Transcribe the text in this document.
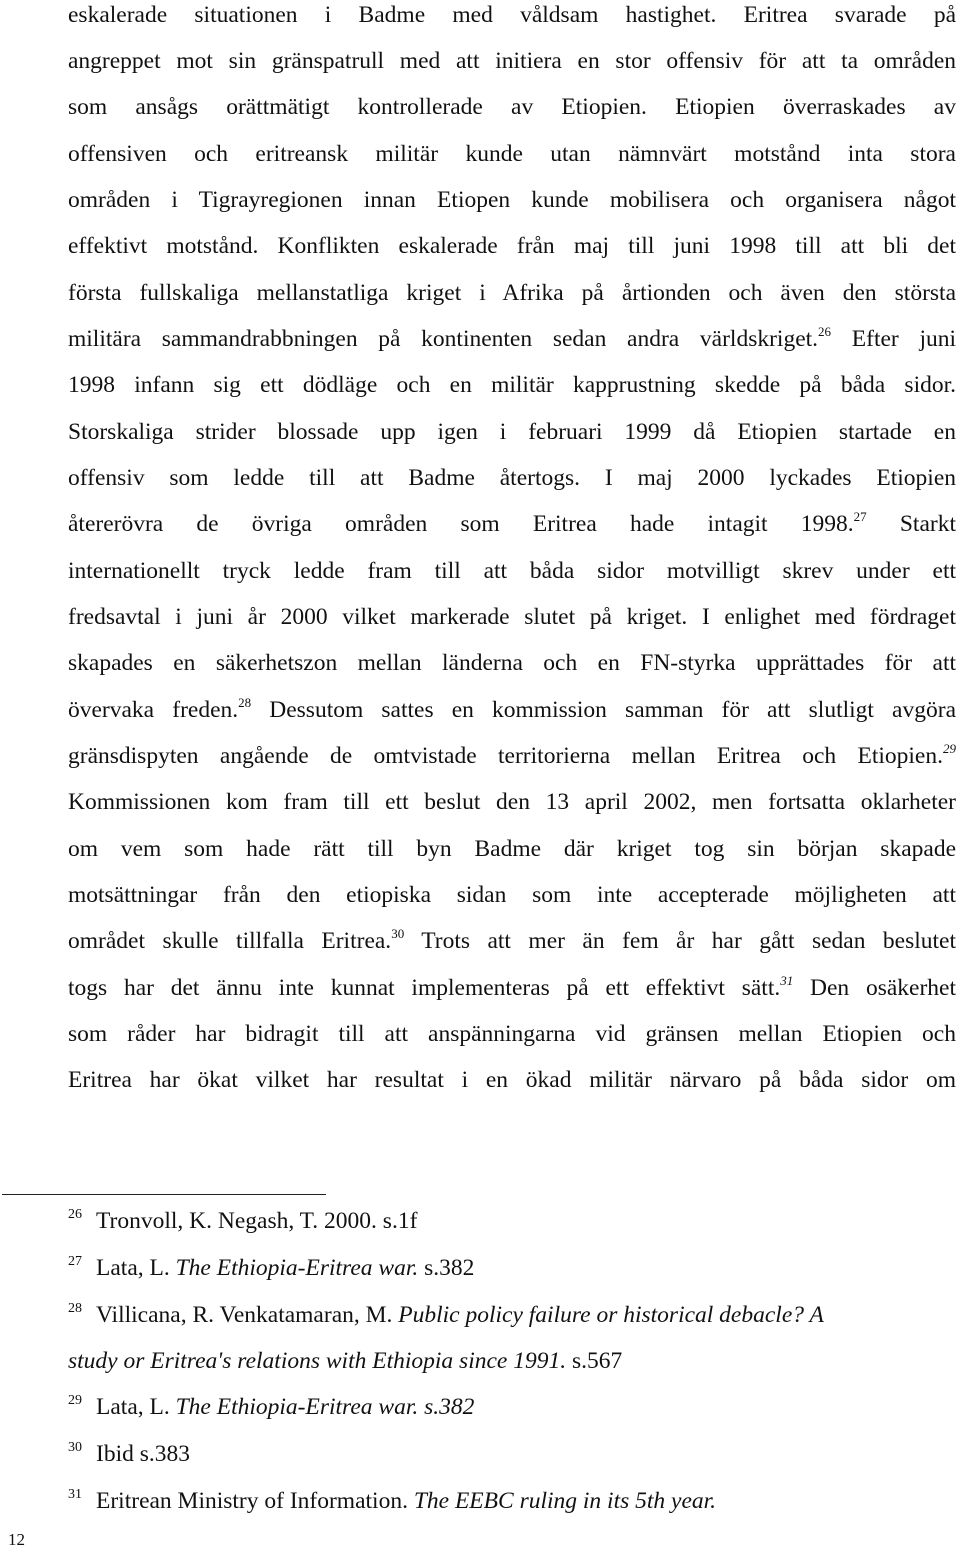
eskalerade situationen i Badme med våldsam hastighet. Eritrea svarade på
angreppet mot sin gränspatrull med att initiera en stor offensiv för att ta områden
som ansågs orättmätigt kontrollerade av Etiopien. Etiopien överraskades av
offensiven och eritreansk militär kunde utan nämnvärt motstånd inta stora
områden i Tigrayregionen innan Etiopen kunde mobilisera och organisera något
effektivt motstånd. Konflikten eskalerade från maj till juni 1998 till att bli det
första fullskaliga mellanstatliga kriget i Afrika på årtionden och även den största
militära sammandrabbningen på kontinenten sedan andra världskriget.$^{26}$ Efter juni
1998 infann sig ett dödläge och en militär kapprustning skedde på båda sidor.
Storskaliga strider blossade upp igen i februari 1999 då Etiopien startade en
offensiv som ledde till att Badme återtogs. I maj 2000 lyckades Etiopien
återerövra de övriga områden som Eritrea hade intagit 1998.27 Starkt
internationellt tryck ledde fram till att båda sidor motvilligt skrev under ett
fredsavtal i juni år 2000 vilket markerade slutet på kriget. I enlighet med fördraget
skapades en säkerhetszon mellan länderna och en FN-styrka upprättades för att
övervaka freden.$^{28}$ Dessutom sattes en kommission samman för att slutligt avgöra
gränsdispyten angående de omtvistade territorierna mellan Eritrea och Etiopien.$^{29}$
Kommissionen kom fram till ett beslut den 13 april 2002, men fortsatta oklarheter
om vem som hade rätt till byn Badme där kriget tog sin början skapade
motsättningar från den etiopiska sidan som inte accepterade möjligheten att
området skulle tillfalla Eritrea.$^{30}$ Trots att mer än fem år har gått sedan beslutet
togs har det ännu inte kunnat implementeras på ett effektivt sätt.$^{31}$ Den osäkerhet
som råder har bidragit till att anspänningarna vid gränsen mellan Etiopien och
Eritrea har ökat vilket har resultat i en ökad militär närvaro på båda sidor om
$^{26}$ Tronvoll, K. Negash, T. 2000. s.1f
$^{27}$ Lata, L. The Ethiopia-Eritrea war. s.382
$^{28}$ Villicana, R. Venkatamaran, M. Public policy failure or historical debacle? A
study or Eritrea's relations with Ethiopia since 1991. s.567
$^{29}$ Lata, L. The Ethiopia-Eritrea war. s.382
$^{30}$ Ibid s.383
$^{31}$ Eritrean Ministry of Information. The EEBC ruling in its 5th year.
12
